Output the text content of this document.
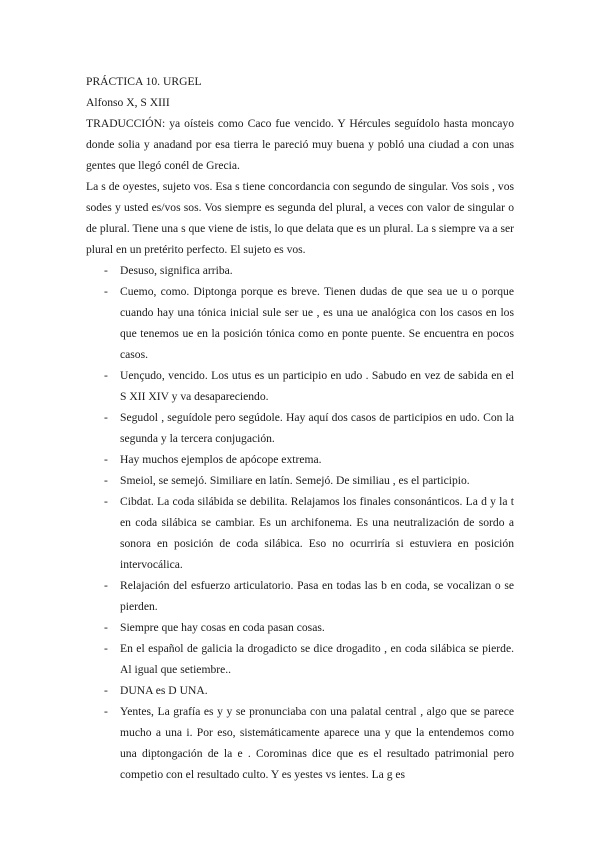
PRÁCTICA 10. URGEL

Alfonso X, S XIII

TRADUCCIÓN: ya oísteis como Caco fue vencido. Y Hércules seguídolo hasta moncayo donde solia y anadand por esa tierra le pareció muy buena y pobló una ciudad a con unas gentes que llegó conél de Grecia.

La s de oyestes, sujeto vos. Esa s tiene concordancia con segundo de singular. Vos sois , vos sodes y usted es/vos sos. Vos siempre es segunda del plural, a veces con valor de singular o de plural. Tiene una s que viene de istis, lo que delata que es un plural. La s siempre va a ser plural en un pretérito perfecto. El sujeto es vos.

- Desuso, significa arriba.
- Cuemo, como. Diptonga porque es breve. Tienen dudas de que sea ue u o porque cuando hay una tónica inicial sule ser ue , es una ue analógica con los casos en los que tenemos ue en la posición tónica como en ponte puente. Se encuentra en pocos casos.
- Uençudo, vencido. Los utus es un participio en udo . Sabudo en vez de sabida en el S XII XIV y va desapareciendo.
- Segudol , seguídole pero segúdole. Hay aquí dos casos de participios en udo. Con la segunda y la tercera conjugación.
- Hay muchos ejemplos de apócope extrema.
- Smeiol, se semejó. Similiare en latín. Semejó. De similiau , es el participio.
- Cibdat. La coda silábida se debilita. Relajamos los finales consonánticos. La d y la t en coda silábica se cambiar. Es un archifonema. Es una neutralización de sordo a sonora en posición de coda silábica. Eso no ocurriría si estuviera en posición intervocálica.
- Relajación del esfuerzo articulatorio. Pasa en todas las b en coda, se vocalizan o se pierden.
- Siempre que hay cosas en coda pasan cosas.
- En el español de galicia la drogadicto se dice drogadito , en coda silábica se pierde. Al igual que setiembre..
- DUNA es D UNA.
- Yentes, La grafía es y y se pronunciaba con una palatal central , algo que se parece mucho a una i. Por eso, sistemáticamente aparece una y que la entendemos como una diptongación de la e . Corominas dice que es el resultado patrimonial pero competio con el resultado culto. Y es yestes vs ientes. La g es
